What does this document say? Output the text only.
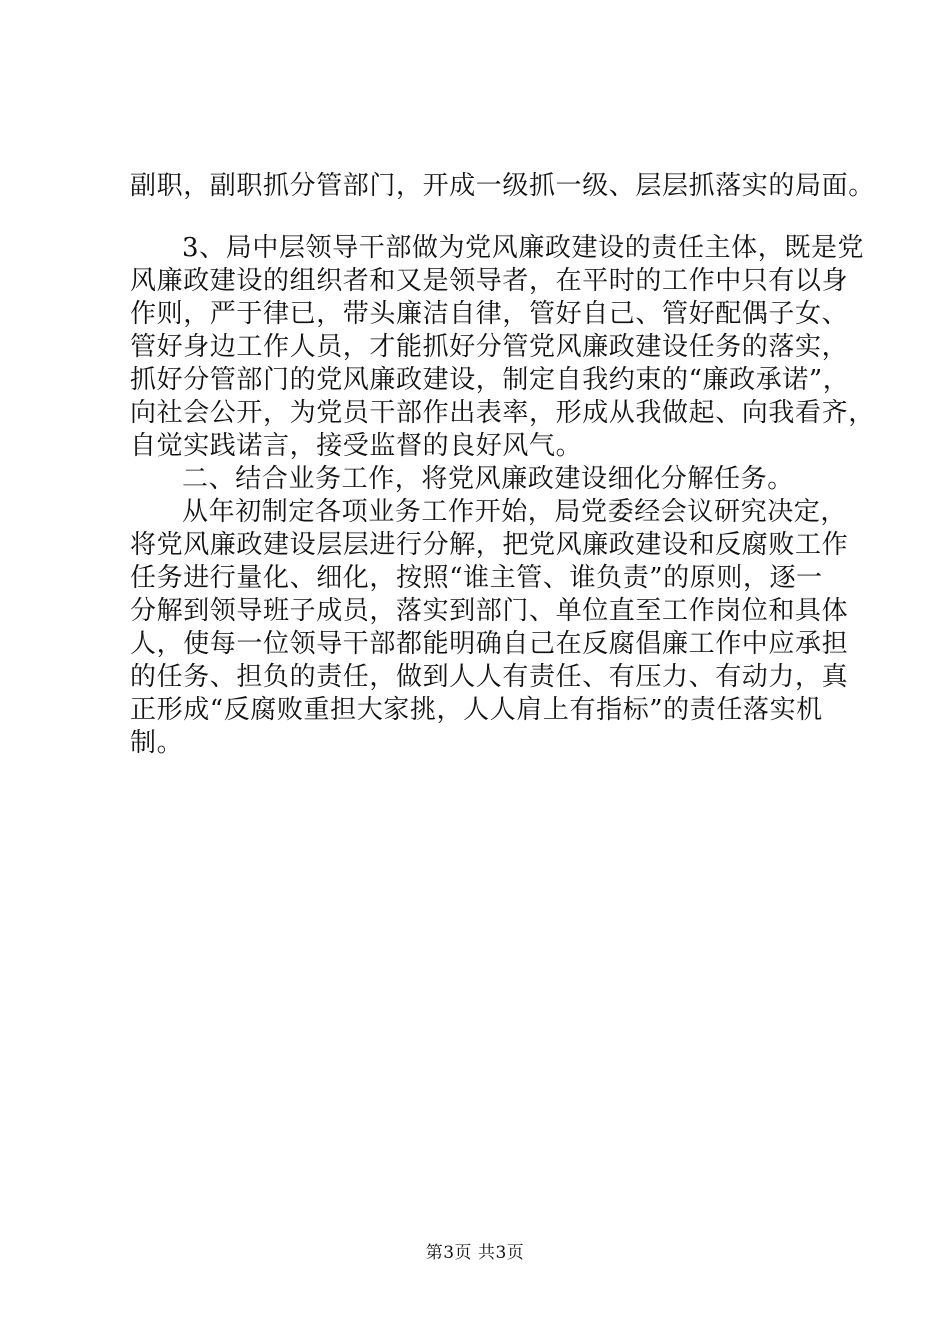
副职，副职抓分管部门，开成一级抓一级、层层抓落实的局面。
3、局中层领导干部做为党风廉政建设的责任主体，既是党
风廉政建设的组织者和又是领导者，在平时的工作中只有以身
作则，严于律已，带头廉洁自律，管好自己、管好配偶子女、
管好身边工作人员，才能抓好分管党风廉政建设任务的落实，
抓好分管部门的党风廉政建设，制定自我约束的“廉政承诺”，
向社会公开，为党员干部作出表率，形成从我做起、向我看齐，
自觉实践诺言，接受监督的良好风气。
二、结合业务工作，将党风廉政建设细化分解任务。
从年初制定各项业务工作开始，局党委经会议研究决定，
将党风廉政建设层层进行分解，把党风廉政建设和反腐败工作
任务进行量化、细化，按照“谁主管、谁负责”的原则，逐一
分解到领导班子成员，落实到部门、单位直至工作岗位和具体
人，使每一位领导干部都能明确自己在反腐倡廉工作中应承担
的任务、担负的责任，做到人人有责任、有压力、有动力，真
正形成“反腐败重担大家挑，人人肩上有指标”的责任落实机
制。
第3页 共3页
